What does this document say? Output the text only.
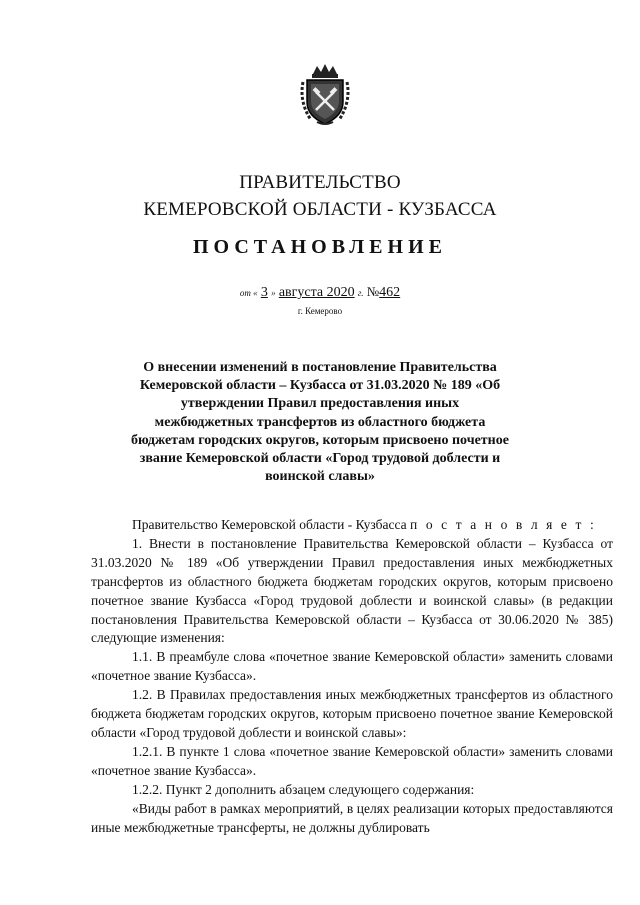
ПРАВИТЕЛЬСТВО
КЕМЕРОВСКОЙ ОБЛАСТИ - КУЗБАССА
ПОСТАНОВЛЕНИЕ
от « 3 » августа 2020 г. №462
г. Кемерово
О внесении изменений в постановление Правительства Кемеровской области – Кузбасса от 31.03.2020 № 189 «Об утверждении Правил предоставления иных межбюджетных трансфертов из областного бюджета бюджетам городских округов, которым присвоено почетное звание Кемеровской области «Город трудовой доблести и воинской славы»

Правительство Кемеровской области - Кузбасса п о с т а н о в л я е т :

1. Внести в постановление Правительства Кемеровской области – Кузбасса от 31.03.2020 № 189 «Об утверждении Правил предоставления иных межбюджетных трансфертов из областного бюджета бюджетам городских округов, которым присвоено почетное звание Кузбасса «Город трудовой доблести и воинской славы» (в редакции постановления Правительства Кемеровской области – Кузбасса от 30.06.2020 № 385) следующие изменения:

1.1. В преамбуле слова «почетное звание Кемеровской области» заменить словами «почетное звание Кузбасса».

1.2. В Правилах предоставления иных межбюджетных трансфертов из областного бюджета бюджетам городских округов, которым присвоено почетное звание Кемеровской области «Город трудовой доблести и воинской славы»:

1.2.1. В пункте 1 слова «почетное звание Кемеровской области» заменить словами «почетное звание Кузбасса».

1.2.2. Пункт 2 дополнить абзацем следующего содержания:

«Виды работ в рамках мероприятий, в целях реализации которых предоставляются иные межбюджетные трансферты, не должны дублировать
